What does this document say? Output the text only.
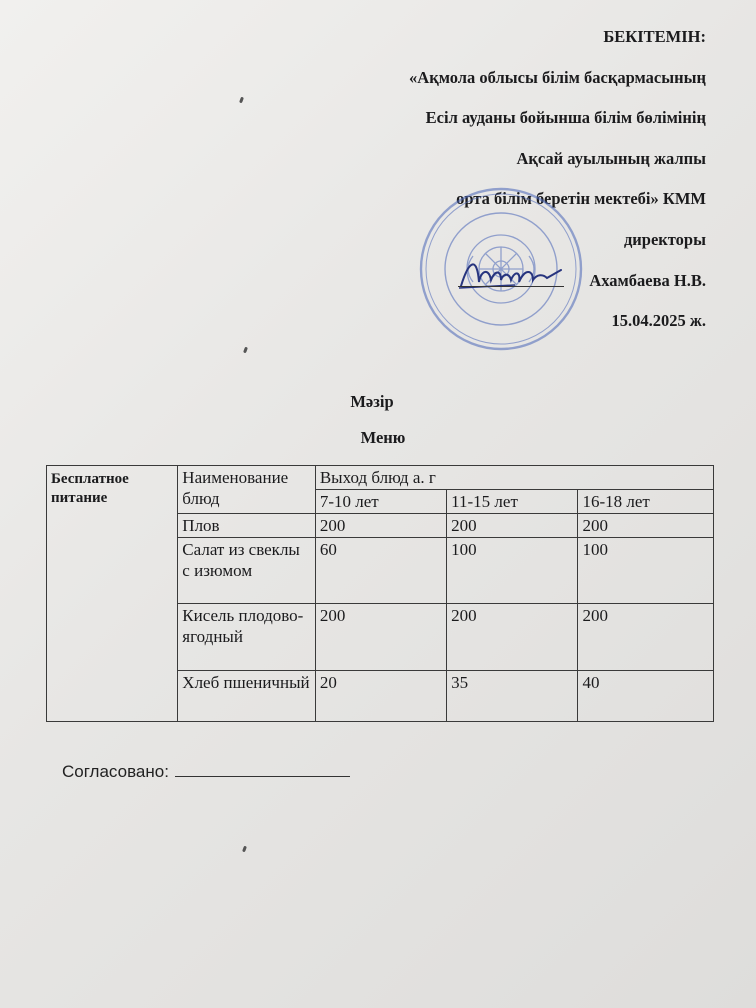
БЕКІТЕМІН:
«Ақмола облысы білім басқармасының
Есіл ауданы бойынша білім бөлімінің
Ақсай ауылының жалпы
орта білім беретін мектебі» КММ
директоры
Ахамбаева Н.В.
15.04.2025 ж.
Мәзір
Меню
Бесплатное питание	Наименование блюд	Выход блюд а. г		
		7-10 лет	11-15 лет	16-18 лет
	Плов	200	200	200
	Салат из свеклы с изюмом	60	100	100
	Кисель плодово-ягодный	200	200	200
	Хлеб пшеничный	20	35	40
Согласовано:
